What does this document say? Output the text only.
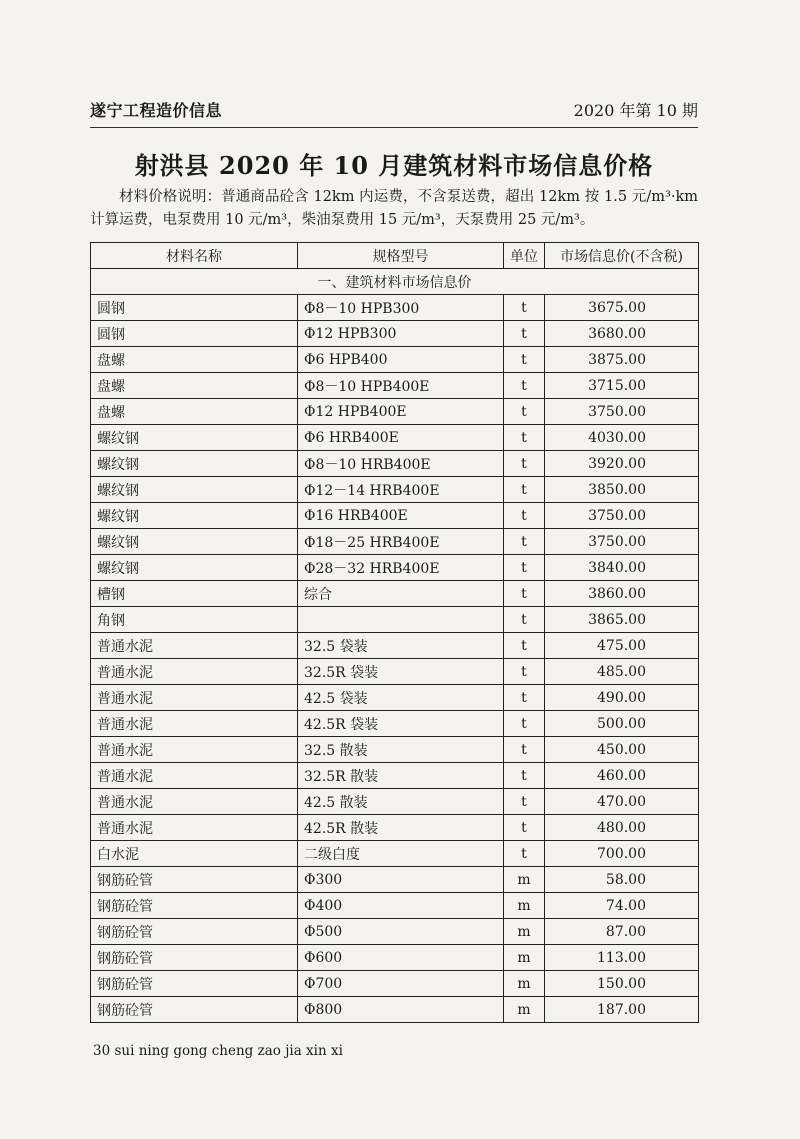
遂宁工程造价信息	2020 年第 10 期
射洪县 2020 年 10 月建筑材料市场信息价格
材料价格说明：普通商品砼含 12km 内运费，不含泵送费，超出 12km 按 1.5 元/m³·km 计算运费，电泵费用 10 元/m³，柴油泵费用 15 元/m³，天泵费用 25 元/m³。
材料名称	规格型号	单位	市场信息价(不含税)
一、建筑材料市场信息价			
圆钢	Φ8－10 HPB300	t	3675.00
圆钢	Φ12 HPB300	t	3680.00
盘螺	Φ6 HPB400	t	3875.00
盘螺	Φ8－10 HPB400E	t	3715.00
盘螺	Φ12 HPB400E	t	3750.00
螺纹钢	Φ6 HRB400E	t	4030.00
螺纹钢	Φ8－10 HRB400E	t	3920.00
螺纹钢	Φ12－14 HRB400E	t	3850.00
螺纹钢	Φ16 HRB400E	t	3750.00
螺纹钢	Φ18－25 HRB400E	t	3750.00
螺纹钢	Φ28－32 HRB400E	t	3840.00
槽钢	综合	t	3860.00
角钢		t	3865.00
普通水泥	32.5 袋装	t	475.00
普通水泥	32.5R 袋装	t	485.00
普通水泥	42.5 袋装	t	490.00
普通水泥	42.5R 袋装	t	500.00
普通水泥	32.5 散装	t	450.00
普通水泥	32.5R 散装	t	460.00
普通水泥	42.5 散装	t	470.00
普通水泥	42.5R 散装	t	480.00
白水泥	二级白度	t	700.00
钢筋砼管	Φ300	m	58.00
钢筋砼管	Φ400	m	74.00
钢筋砼管	Φ500	m	87.00
钢筋砼管	Φ600	m	113.00
钢筋砼管	Φ700	m	150.00
钢筋砼管	Φ800	m	187.00
30 sui ning gong cheng zao jia xin xi
